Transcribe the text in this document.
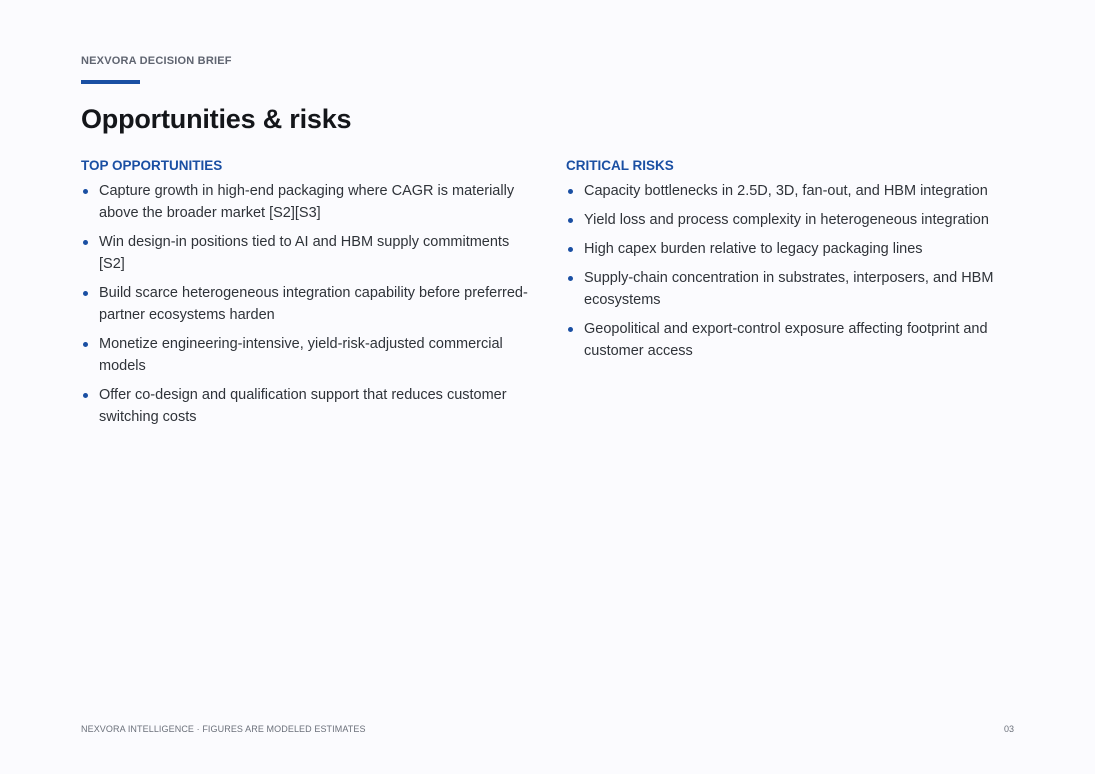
NEXVORA DECISION BRIEF
Opportunities & risks
TOP OPPORTUNITIES
Capture growth in high-end packaging where CAGR is materially above the broader market [S2][S3]
Win design-in positions tied to AI and HBM supply commitments [S2]
Build scarce heterogeneous integration capability before preferred-partner ecosystems harden
Monetize engineering-intensive, yield-risk-adjusted commercial models
Offer co-design and qualification support that reduces customer switching costs
CRITICAL RISKS
Capacity bottlenecks in 2.5D, 3D, fan-out, and HBM integration
Yield loss and process complexity in heterogeneous integration
High capex burden relative to legacy packaging lines
Supply-chain concentration in substrates, interposers, and HBM ecosystems
Geopolitical and export-control exposure affecting footprint and customer access
NEXVORA INTELLIGENCE · FIGURES ARE MODELED ESTIMATES	03
